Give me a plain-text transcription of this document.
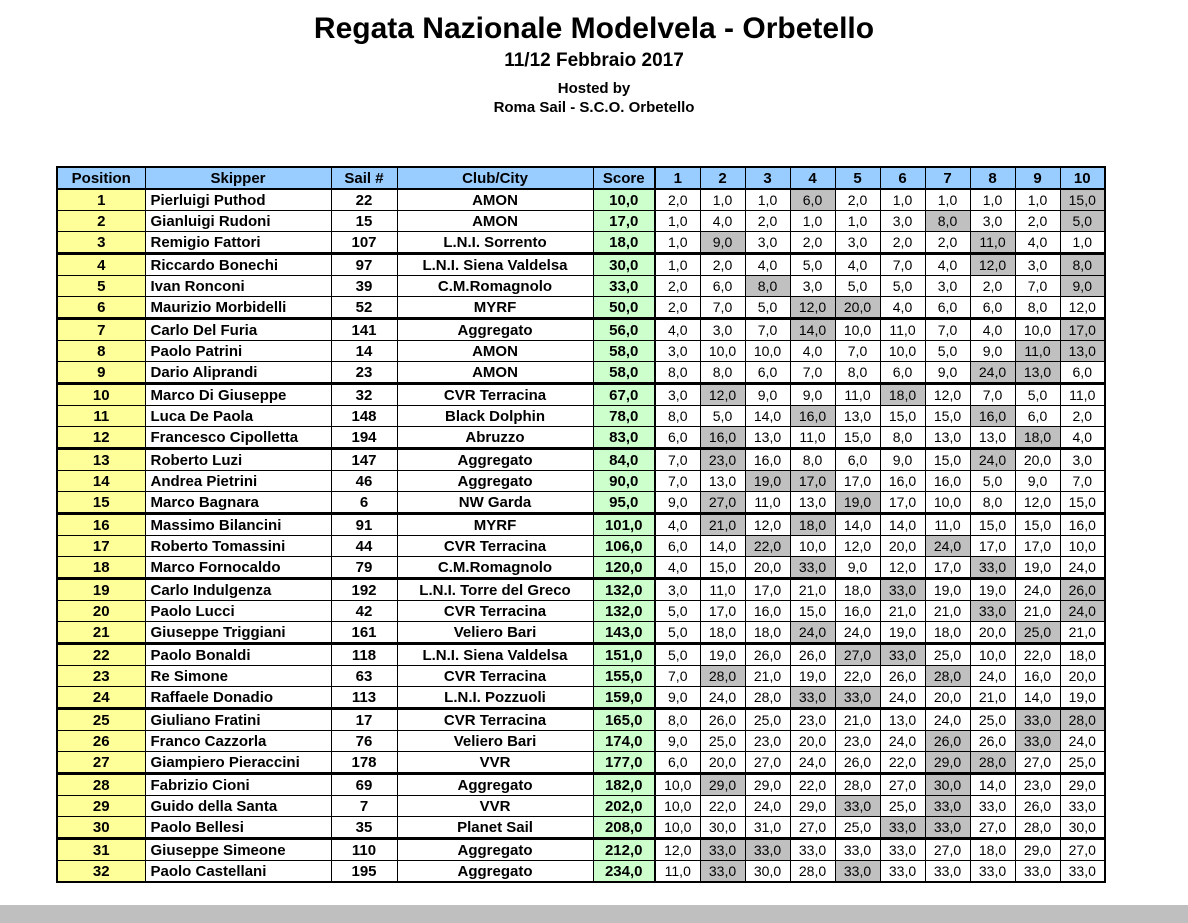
Regata Nazionale Modelvela - Orbetello
11/12 Febbraio 2017
Hosted by
Roma Sail - S.C.O. Orbetello
Position	Skipper	Sail #	Club/City	Score	1	2	3	4	5	6	7	8	9	10
1	Pierluigi Puthod	22	AMON	10,0	2,0	1,0	1,0	6,0	2,0	1,0	1,0	1,0	1,0	15,0
2	Gianluigi Rudoni	15	AMON	17,0	1,0	4,0	2,0	1,0	1,0	3,0	8,0	3,0	2,0	5,0
3	Remigio Fattori	107	L.N.I. Sorrento	18,0	1,0	9,0	3,0	2,0	3,0	2,0	2,0	11,0	4,0	1,0
4	Riccardo Bonechi	97	L.N.I. Siena Valdelsa	30,0	1,0	2,0	4,0	5,0	4,0	7,0	4,0	12,0	3,0	8,0
5	Ivan Ronconi	39	C.M.Romagnolo	33,0	2,0	6,0	8,0	3,0	5,0	5,0	3,0	2,0	7,0	9,0
6	Maurizio Morbidelli	52	MYRF	50,0	2,0	7,0	5,0	12,0	20,0	4,0	6,0	6,0	8,0	12,0
7	Carlo Del Furia	141	Aggregato	56,0	4,0	3,0	7,0	14,0	10,0	11,0	7,0	4,0	10,0	17,0
8	Paolo Patrini	14	AMON	58,0	3,0	10,0	10,0	4,0	7,0	10,0	5,0	9,0	11,0	13,0
9	Dario Aliprandi	23	AMON	58,0	8,0	8,0	6,0	7,0	8,0	6,0	9,0	24,0	13,0	6,0
10	Marco Di Giuseppe	32	CVR Terracina	67,0	3,0	12,0	9,0	9,0	11,0	18,0	12,0	7,0	5,0	11,0
11	Luca De Paola	148	Black Dolphin	78,0	8,0	5,0	14,0	16,0	13,0	15,0	15,0	16,0	6,0	2,0
12	Francesco Cipolletta	194	Abruzzo	83,0	6,0	16,0	13,0	11,0	15,0	8,0	13,0	13,0	18,0	4,0
13	Roberto Luzi	147	Aggregato	84,0	7,0	23,0	16,0	8,0	6,0	9,0	15,0	24,0	20,0	3,0
14	Andrea Pietrini	46	Aggregato	90,0	7,0	13,0	19,0	17,0	17,0	16,0	16,0	5,0	9,0	7,0
15	Marco Bagnara	6	NW Garda	95,0	9,0	27,0	11,0	13,0	19,0	17,0	10,0	8,0	12,0	15,0
16	Massimo Bilancini	91	MYRF	101,0	4,0	21,0	12,0	18,0	14,0	14,0	11,0	15,0	15,0	16,0
17	Roberto Tomassini	44	CVR Terracina	106,0	6,0	14,0	22,0	10,0	12,0	20,0	24,0	17,0	17,0	10,0
18	Marco Fornocaldo	79	C.M.Romagnolo	120,0	4,0	15,0	20,0	33,0	9,0	12,0	17,0	33,0	19,0	24,0
19	Carlo Indulgenza	192	L.N.I. Torre del Greco	132,0	3,0	11,0	17,0	21,0	18,0	33,0	19,0	19,0	24,0	26,0
20	Paolo Lucci	42	CVR Terracina	132,0	5,0	17,0	16,0	15,0	16,0	21,0	21,0	33,0	21,0	24,0
21	Giuseppe Triggiani	161	Veliero Bari	143,0	5,0	18,0	18,0	24,0	24,0	19,0	18,0	20,0	25,0	21,0
22	Paolo Bonaldi	118	L.N.I. Siena Valdelsa	151,0	5,0	19,0	26,0	26,0	27,0	33,0	25,0	10,0	22,0	18,0
23	Re Simone	63	CVR Terracina	155,0	7,0	28,0	21,0	19,0	22,0	26,0	28,0	24,0	16,0	20,0
24	Raffaele Donadio	113	L.N.I. Pozzuoli	159,0	9,0	24,0	28,0	33,0	33,0	24,0	20,0	21,0	14,0	19,0
25	Giuliano Fratini	17	CVR Terracina	165,0	8,0	26,0	25,0	23,0	21,0	13,0	24,0	25,0	33,0	28,0
26	Franco Cazzorla	76	Veliero Bari	174,0	9,0	25,0	23,0	20,0	23,0	24,0	26,0	26,0	33,0	24,0
27	Giampiero Pieraccini	178	VVR	177,0	6,0	20,0	27,0	24,0	26,0	22,0	29,0	28,0	27,0	25,0
28	Fabrizio Cioni	69	Aggregato	182,0	10,0	29,0	29,0	22,0	28,0	27,0	30,0	14,0	23,0	29,0
29	Guido della Santa	7	VVR	202,0	10,0	22,0	24,0	29,0	33,0	25,0	33,0	33,0	26,0	33,0
30	Paolo Bellesi	35	Planet Sail	208,0	10,0	30,0	31,0	27,0	25,0	33,0	33,0	27,0	28,0	30,0
31	Giuseppe Simeone	110	Aggregato	212,0	12,0	33,0	33,0	33,0	33,0	33,0	27,0	18,0	29,0	27,0
32	Paolo Castellani	195	Aggregato	234,0	11,0	33,0	30,0	28,0	33,0	33,0	33,0	33,0	33,0	33,0
